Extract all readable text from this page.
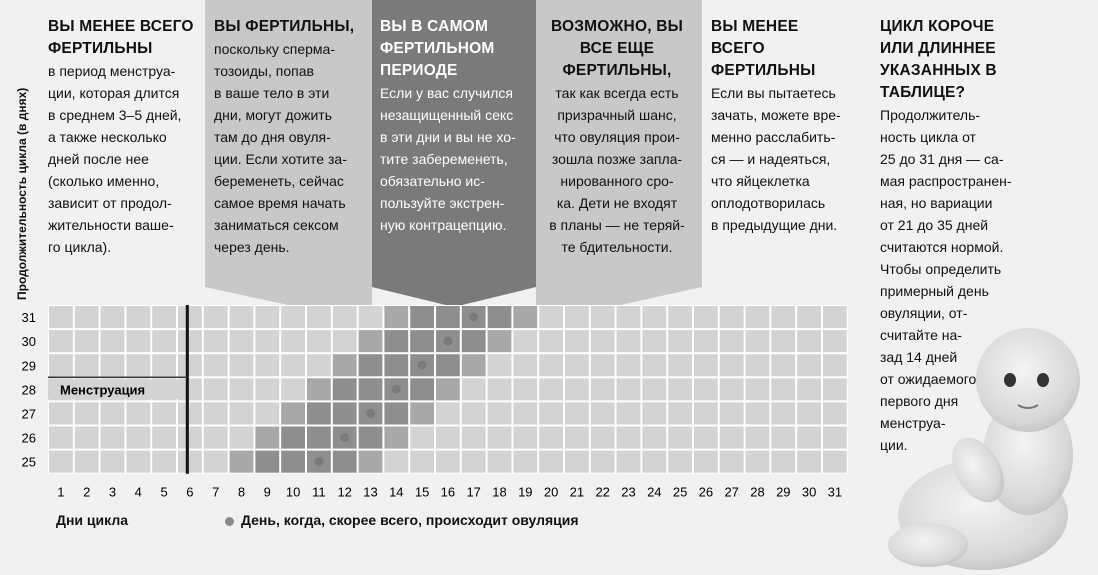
Продолжительность цикла (в днях)
ВЫ МЕНЕЕ ВСЕГО ФЕРТИЛЬНЫ
в период менструа-
ции, которая длится
в среднем 3–5 дней,
а также несколько
дней после нее
(сколько именно,
зависит от продол-
жительности ваше-
го цикла).
ВЫ ФЕРТИЛЬНЫ,
поскольку сперма-
тозоиды, попав
в ваше тело в эти
дни, могут дожить
там до дня овуля-
ции. Если хотите за-
беременеть, сейчас
самое время начать
заниматься сексом
через день.
ВЫ В САМОМ ФЕРТИЛЬНОМ ПЕРИОДЕ
Если у вас случился
незащищенный секс
в эти дни и вы не хо-
тите забеременеть,
обязательно ис-
пользуйте экстрен-
ную контрацепцию.
ВОЗМОЖНО, ВЫ ВСЕ ЕЩЕ ФЕРТИЛЬНЫ,
так как всегда есть
призрачный шанс,
что овуляция прои-
зошла позже запла-
нированного сро-
ка. Дети не входят
в планы — не теряй-
те бдительности.
ВЫ МЕНЕЕ ВСЕГО ФЕРТИЛЬНЫ
Если вы пытаетесь
зачать, можете вре-
менно расслабить-
ся — и надеяться,
что яйцеклетка
оплодотворилась
в предыдущие дни.
ЦИКЛ КОРОЧЕ ИЛИ ДЛИННЕЕ УКАЗАННЫХ В ТАБЛИЦЕ?
Продолжитель-
ность цикла от
25 до 31 дня — са-
мая распространен-
ная, но вариации
от 21 до 35 дней
считаются нормой.
Чтобы определить
примерный день
овуляции, от-
считайте на-
зад 14 дней
от ожидаемого
первого дня
менструа-
ции.
31
30
29
28
27
26
25
1 2 3 4 5 6 7 8 9 10 11 12 13 14 15 16 17 18 19 20 21 22 23 24 25 26 27 28 29 30 31
Менструация
Дни цикла	День, когда, скорее всего, происходит овуляция
